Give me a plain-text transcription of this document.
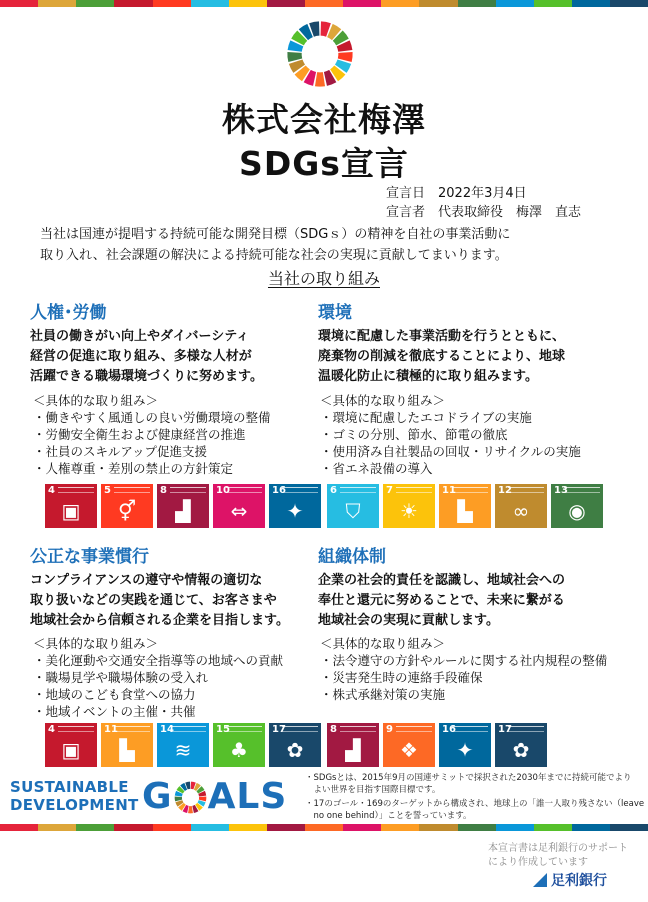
株式会社梅澤
SDGs宣言
宣言日　2022年3月4日
宣言者　代表取締役　梅澤　直志
当社は国連が提唱する持続可能な開発目標（SDGｓ）の精神を自社の事業活動に
取り入れ、社会課題の解決による持続可能な社会の実現に貢献してまいります。
当社の取り組み
人権･労働
社員の働きがい向上やダイバーシティ
経営の促進に取り組み、多様な人材が
活躍できる職場環境づくりに努めます。
＜具体的な取り組み＞
・働きやすく風通しの良い労働環境の整備
・労働安全衛生および健康経営の推進
・社員のスキルアップ促進支援
・人権尊重・差別の禁止の方針策定
4
▣
5
⚥
8
▟
10
⇔
16
✦
環境
環境に配慮した事業活動を行うとともに、
廃棄物の削減を徹底することにより、地球
温暖化防止に積極的に取り組みます。
＜具体的な取り組み＞
・環境に配慮したエコドライブの実施
・ゴミの分別、節水、節電の徹底
・使用済み自社製品の回収・リサイクルの実施
・省エネ設備の導入
6
⛉
7
☀
11
▙
12
∞
13
◉
公正な事業慣行
コンプライアンスの遵守や情報の適切な
取り扱いなどの実践を通じて、お客さまや
地域社会から信頼される企業を目指します。
＜具体的な取り組み＞
・美化運動や交通安全指導等の地域への貢献
・職場見学や職場体験の受入れ
・地域のこども食堂への協力
・地域イベントの主催・共催
4
▣
11
▙
14
≋
15
♣
17
✿
組織体制
企業の社会的責任を認識し、地域社会への
奉仕と還元に努めることで、未来に繋がる
地域社会の実現に貢献します。
＜具体的な取り組み＞
・法令遵守の方針やルールに関する社内規程の整備
・災害発生時の連絡手段確保
・株式承継対策の実施
8
▟
9
❖
16
✦
17
✿
SUSTAINABLE
DEVELOPMENT G ALS ・SDGsとは、2015年9月の国連サミットで採択された2030年までに持続可能でより
　よい世界を目指す国際目標です。
・17のゴール・169のターゲットから構成され、地球上の「誰一人取り残さない（leave
　no one behind）」ことを誓っています。
本宣言書は足利銀行のサポート
により作成しています
足利銀行
